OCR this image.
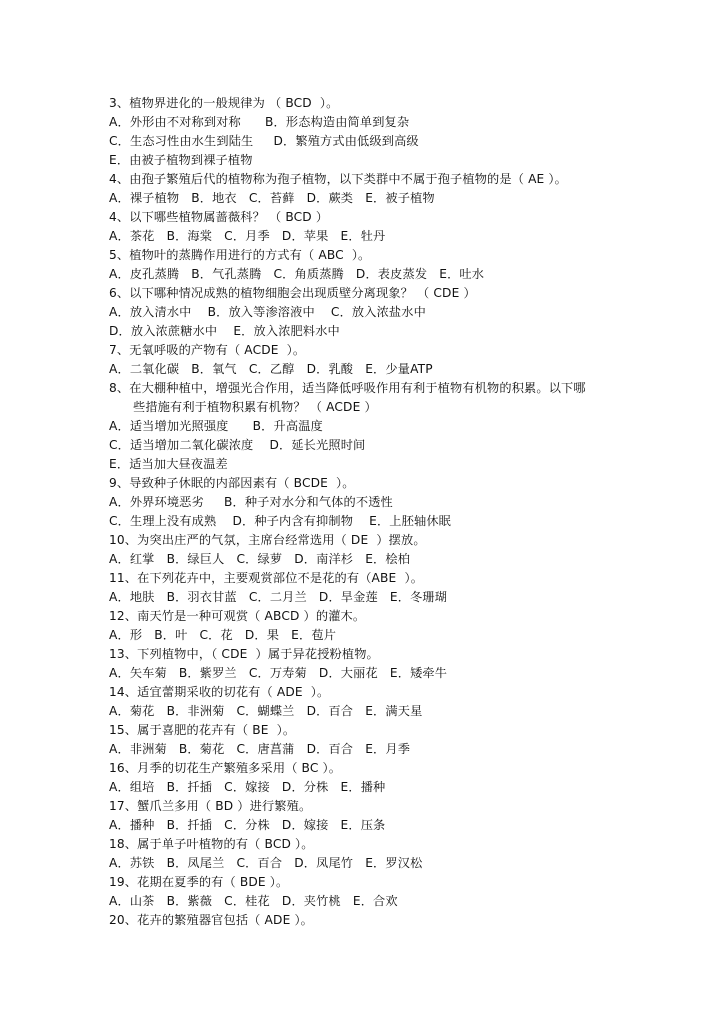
3、植物界进化的一般规律为 （ BCD  ）。
A．外形由不对称到对称      B．形态构造由简单到复杂
C．生态习性由水生到陆生     D．繁殖方式由低级到高级
E．由被子植物到裸子植物
4、由孢子繁殖后代的植物称为孢子植物，以下类群中不属于孢子植物的是（ AE ）。
A．裸子植物   B．地衣   C．苔藓   D．蕨类   E．被子植物
4、以下哪些植物属蔷薇科？ （ BCD ）
A．茶花   B．海棠   C．月季   D．苹果   E．牡丹
5、植物叶的蒸腾作用进行的方式有（ ABC  ）。
A．皮孔蒸腾   B．气孔蒸腾   C．角质蒸腾   D．表皮蒸发   E．吐水
6、以下哪种情况成熟的植物细胞会出现质壁分离现象？ （ CDE ）
A．放入清水中    B．放入等渗溶液中    C．放入浓盐水中
D．放入浓蔗糖水中    E．放入浓肥料水中
7、无氧呼吸的产物有（ ACDE  ）。
A．二氧化碳   B．氧气   C．乙醇   D．乳酸   E．少量ATP
8、在大棚种植中，增强光合作用，适当降低呼吸作用有利于植物有机物的积累。以下哪
些措施有利于植物积累有机物？ （ ACDE ）
A．适当增加光照强度      B．升高温度
C．适当增加二氧化碳浓度    D．延长光照时间
E．适当加大昼夜温差
9、导致种子休眠的内部因素有（ BCDE  ）。
A．外界环境恶劣     B．种子对水分和气体的不透性
C．生理上没有成熟    D．种子内含有抑制物    E．上胚轴休眠
10、为突出庄严的气氛，主席台经常选用（ DE  ）摆放。
A．红掌   B．绿巨人   C．绿萝   D．南洋杉   E．桧柏
11、在下列花卉中，主要观赏部位不是花的有（ABE  ）。
A．地肤   B．羽衣甘蓝   C．二月兰   D．旱金莲   E．冬珊瑚
12、南天竹是一种可观赏（ ABCD ）的灌木。
A．形   B．叶   C．花   D．果   E．苞片
13、下列植物中，（ CDE  ）属于异花授粉植物。
A．矢车菊   B．紫罗兰   C．万寿菊   D．大丽花   E．矮牵牛
14、适宜蕾期采收的切花有（ ADE  ）。
A．菊花   B．非洲菊   C．蝴蝶兰   D．百合   E．满天星
15、属于喜肥的花卉有（ BE  ）。
A．非洲菊   B．菊花   C．唐菖蒲   D．百合   E．月季
16、月季的切花生产繁殖多采用（ BC ）。
A．组培   B．扦插   C．嫁接   D．分株   E．播种
17、蟹爪兰多用（ BD ）进行繁殖。
A．播种   B．扦插   C．分株   D．嫁接   E．压条
18、属于单子叶植物的有（ BCD ）。
A．苏铁   B．凤尾兰   C．百合   D．凤尾竹   E．罗汉松
19、花期在夏季的有（ BDE ）。
A．山茶   B．紫薇   C．桂花   D．夹竹桃   E．合欢
20、花卉的繁殖器官包括（ ADE ）。
